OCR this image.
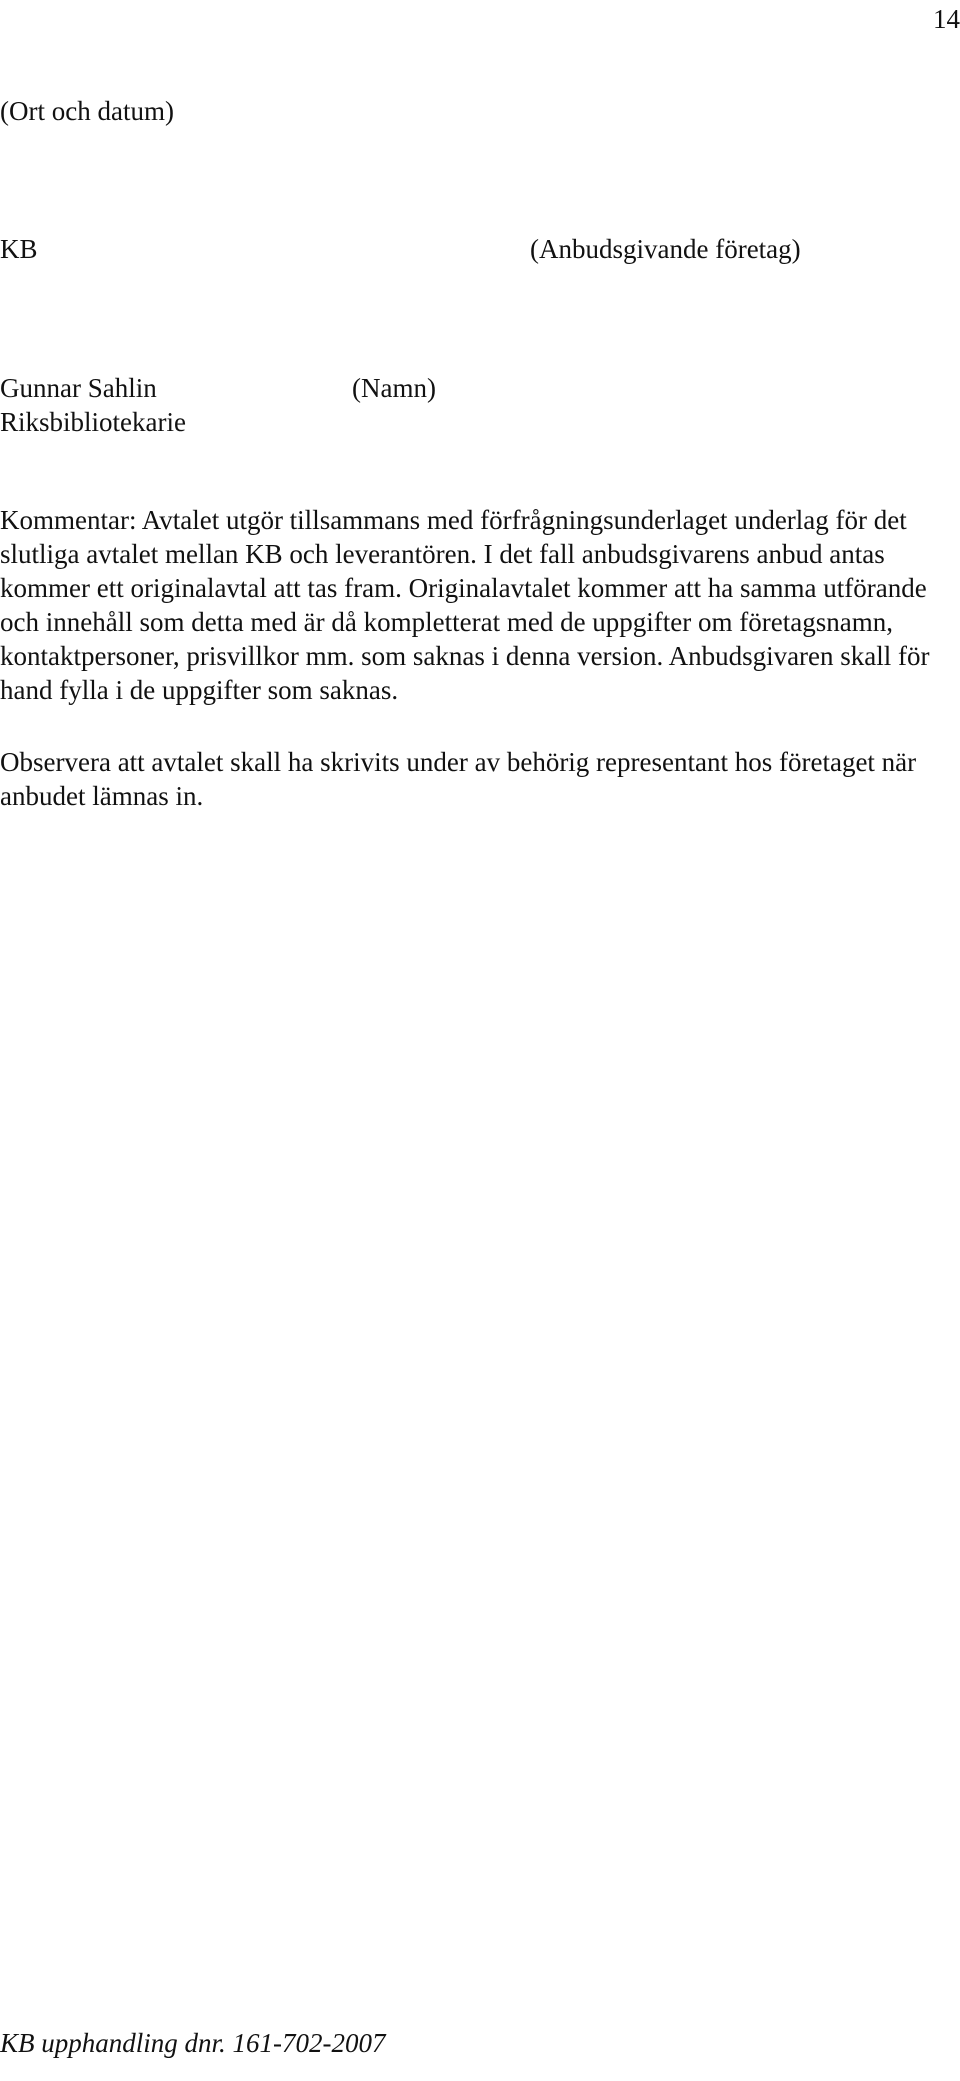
14
(Ort och datum)
KB	(Anbudsgivande företag)
Gunnar Sahlin
Riksbibliotekarie
(Namn)

Kommentar: Avtalet utgör tillsammans med förfrågningsunderlaget underlag för det slutliga avtalet mellan KB och leverantören. I det fall anbudsgivarens anbud antas kommer ett originalavtal att tas fram. Originalavtalet kommer att ha samma utförande och innehåll som detta med är då kompletterat med de uppgifter om företagsnamn, kontaktpersoner, prisvillkor mm. som saknas i denna version. Anbudsgivaren skall för hand fylla i de uppgifter som saknas.

Observera att avtalet skall ha skrivits under av behörig representant hos företaget när anbudet lämnas in.

KB upphandling dnr. 161-702-2007
